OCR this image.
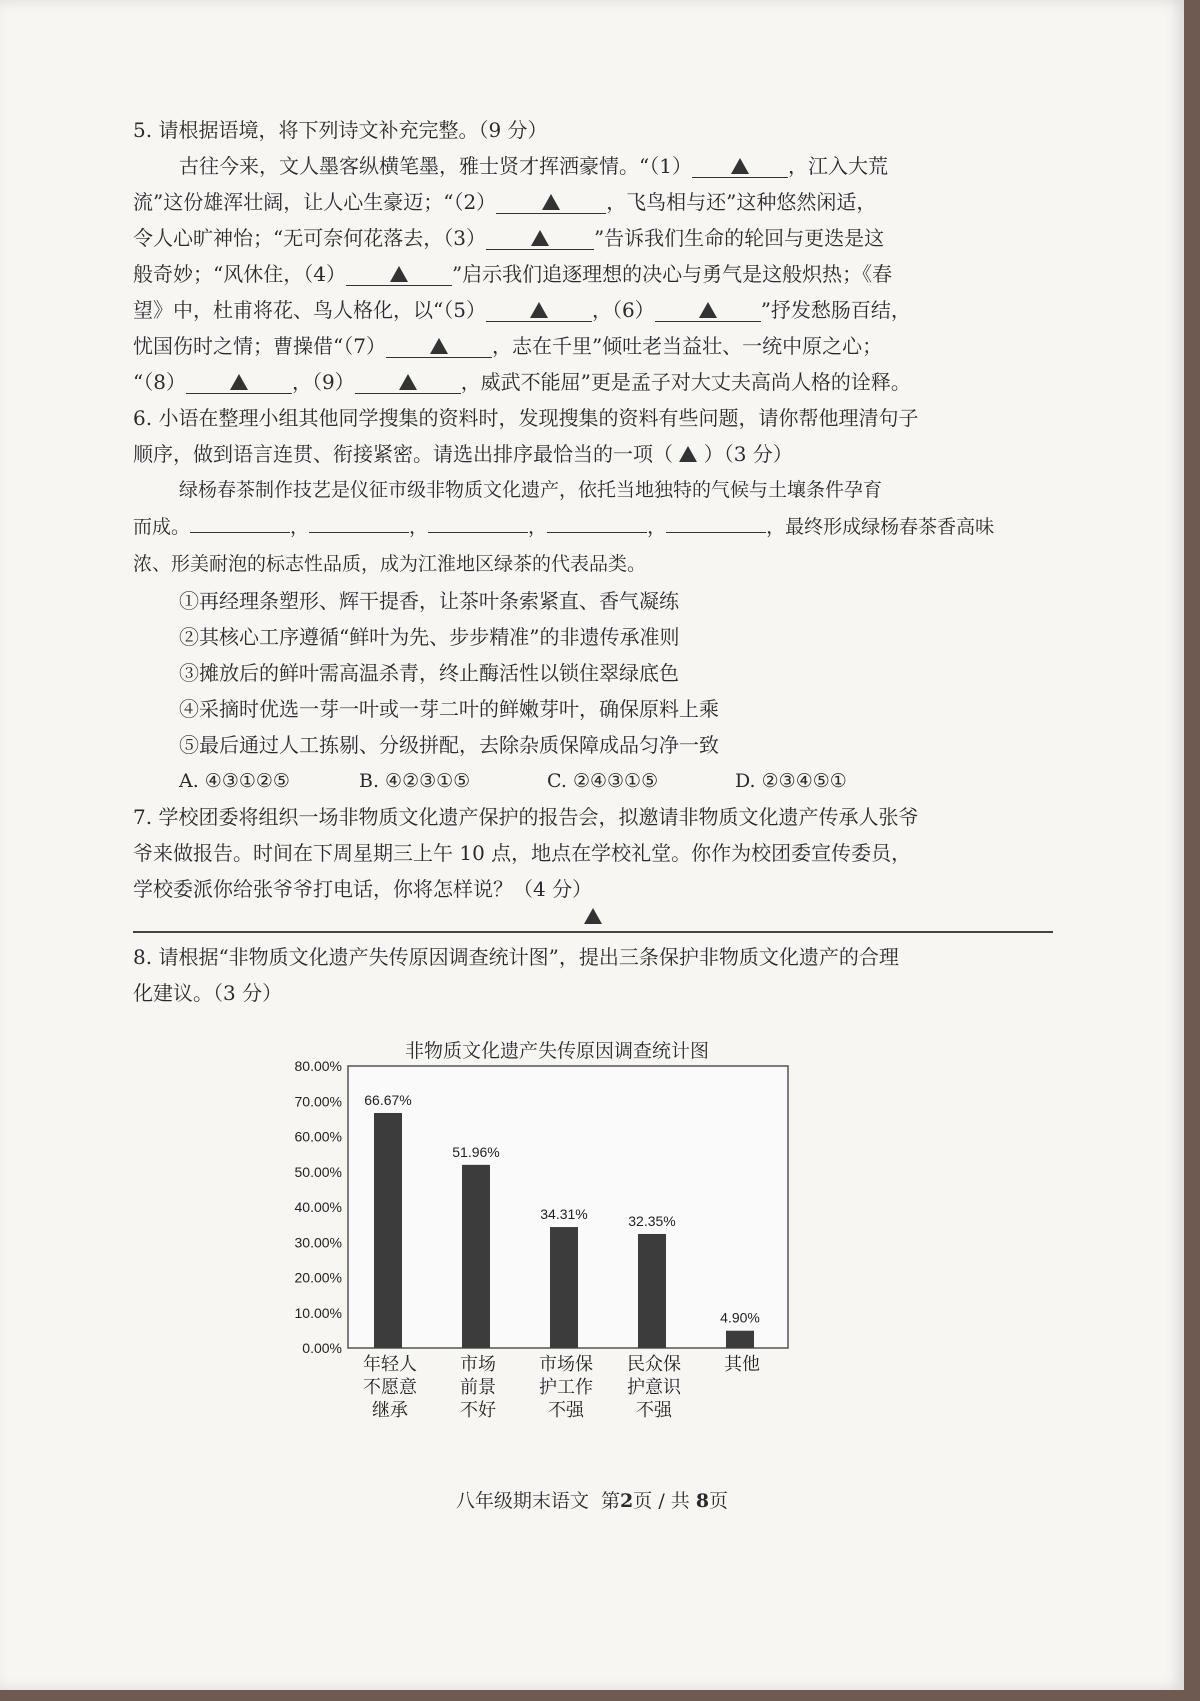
5. 请根据语境，将下列诗文补充完整。（9 分）

古往今来，文人墨客纵横笔墨，雅士贤才挥洒豪情。“（1）	，江入大荒

流”这份雄浑壮阔，让人心生豪迈；“（2）	，飞鸟相与还”这种悠然闲适，

令人心旷神怡；“无可奈何花落去，（3）	”告诉我们生命的轮回与更迭是这

般奇妙；“风休住，（4）	”启示我们追逐理想的决心与勇气是这般炽热；《春

望》中，杜甫将花、鸟人格化，以“（5）	，（6）	”抒发愁肠百结，

忧国伤时之情；曹操借“（7）	，志在千里”倾吐老当益壮、一统中原之心；

“（8）	，（9）	，威武不能屈”更是孟子对大丈夫高尚人格的诠释。

6. 小语在整理小组其他同学搜集的资料时，发现搜集的资料有些问题，请你帮他理清句子

顺序，做到语言连贯、衔接紧密。请选出排序最恰当的一项（ ）（3 分）

绿杨春茶制作技艺是仪征市级非物质文化遗产，依托当地独特的气候与土壤条件孕育

而成。	，	，	，	，	，最终形成绿杨春茶香高味

浓、形美耐泡的标志性品质，成为江淮地区绿茶的代表品类。

①再经理条塑形、辉干提香，让茶叶条索紧直、香气凝练

②其核心工序遵循“鲜叶为先、步步精准”的非遗传承准则

③摊放后的鲜叶需高温杀青，终止酶活性以锁住翠绿底色

④采摘时优选一芽一叶或一芽二叶的鲜嫩芽叶，确保原料上乘

⑤最后通过人工拣剔、分级拼配，去除杂质保障成品匀净一致

A. ④③①②⑤	B. ④②③①⑤	C. ②④③①⑤	D. ②③④⑤①

7. 学校团委将组织一场非物质文化遗产保护的报告会，拟邀请非物质文化遗产传承人张爷

爷来做报告。时间在下周星期三上午 10 点，地点在学校礼堂。你作为校团委宣传委员，

学校委派你给张爷爷打电话，你将怎样说？（4 分）

8. 请根据“非物质文化遗产失传原因调查统计图”，提出三条保护非物质文化遗产的合理

化建议。（3 分）

非物质文化遗产失传原因调查统计图
0.00%
10.00%
20.00%
30.00%
40.00%
50.00%
60.00%
70.00%
80.00%
66.67%
年轻人
不愿意
继承
51.96%
市场
前景
不好
34.31%
市场保
护工作
不强
32.35%
民众保
护意识
不强
4.90%
其他
八年级期末语文 第2页 / 共 8页
